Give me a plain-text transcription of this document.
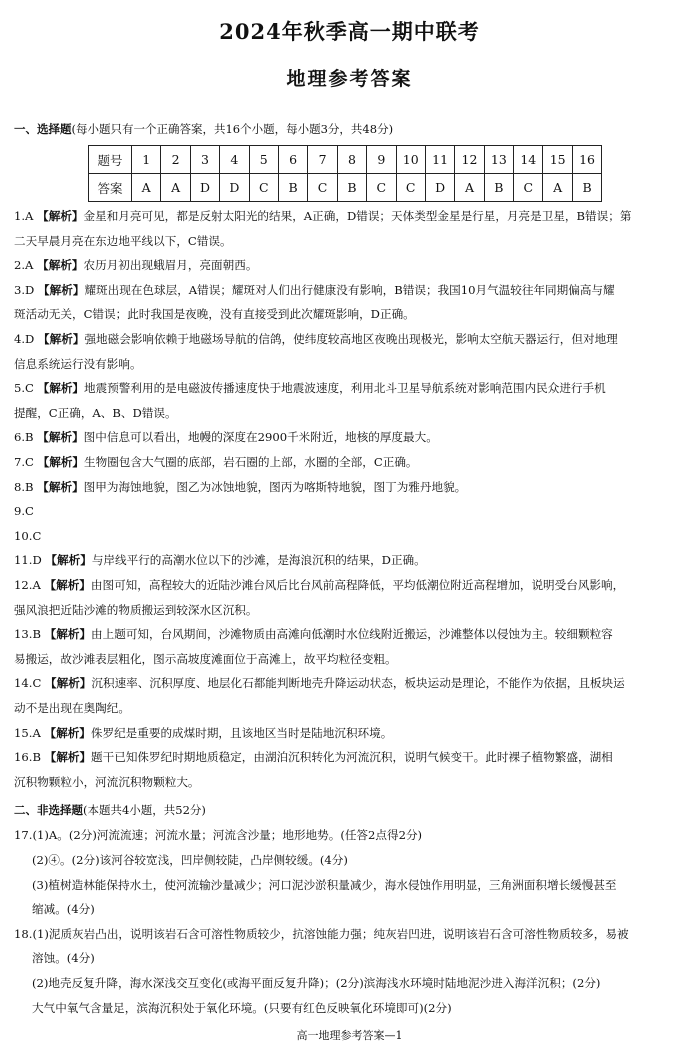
2024年秋季高一期中联考
地理参考答案
一、选择题(每小题只有一个正确答案，共16个小题，每小题3分，共48分)
题号	1	2	3	4	5	6	7	8	9	10	11	12	13	14	15	16
答案	A	A	D	D	C	B	C	B	C	C	D	A	B	C	A	B
1.A 【解析】金星和月亮可见，都是反射太阳光的结果，A正确，D错误；天体类型金星是行星，月亮是卫星，B错误；第
二天早晨月亮在东边地平线以下，C错误。
2.A 【解析】农历月初出现蛾眉月，亮面朝西。
3.D 【解析】耀斑出现在色球层，A错误；耀斑对人们出行健康没有影响，B错误；我国10月气温较往年同期偏高与耀
斑活动无关，C错误；此时我国是夜晚，没有直接受到此次耀斑影响，D正确。
4.D 【解析】强地磁会影响依赖于地磁场导航的信鸽，使纬度较高地区夜晚出现极光，影响太空航天器运行，但对地理
信息系统运行没有影响。
5.C 【解析】地震预警利用的是电磁波传播速度快于地震波速度，利用北斗卫星导航系统对影响范围内民众进行手机
提醒，C正确，A、B、D错误。
6.B 【解析】图中信息可以看出，地幔的深度在2900千米附近，地核的厚度最大。
7.C 【解析】生物圈包含大气圈的底部，岩石圈的上部，水圈的全部，C正确。
8.B 【解析】图甲为海蚀地貌，图乙为冰蚀地貌，图丙为喀斯特地貌，图丁为雅丹地貌。
9.C
10.C
11.D 【解析】与岸线平行的高潮水位以下的沙滩，是海浪沉积的结果，D正确。
12.A 【解析】由图可知，高程较大的近陆沙滩台风后比台风前高程降低，平均低潮位附近高程增加，说明受台风影响，
强风浪把近陆沙滩的物质搬运到较深水区沉积。
13.B 【解析】由上题可知，台风期间，沙滩物质由高滩向低潮时水位线附近搬运，沙滩整体以侵蚀为主。较细颗粒容
易搬运，故沙滩表层粗化，图示高坡度滩面位于高滩上，故平均粒径变粗。
14.C 【解析】沉积速率、沉积厚度、地层化石都能判断地壳升降运动状态，板块运动是理论，不能作为依据，且板块运
动不是出现在奥陶纪。
15.A 【解析】侏罗纪是重要的成煤时期，且该地区当时是陆地沉积环境。
16.B 【解析】题干已知侏罗纪时期地质稳定，由湖泊沉积转化为河流沉积，说明气候变干。此时裸子植物繁盛，湖相
沉积物颗粒小，河流沉积物颗粒大。
二、非选择题(本题共4小题，共52分)
17.(1)A。(2分)河流流速；河流水量；河流含沙量；地形地势。(任答2点得2分)
(2)④。(2分)该河谷较宽浅，凹岸侧较陡，凸岸侧较缓。(4分)
(3)植树造林能保持水土，使河流输沙量减少；河口泥沙淤积量减少，海水侵蚀作用明显，三角洲面积增长缓慢甚至
缩减。(4分)
18.(1)泥质灰岩凸出，说明该岩石含可溶性物质较少，抗溶蚀能力强；纯灰岩凹进，说明该岩石含可溶性物质较多，易被
溶蚀。(4分)
(2)地壳反复升降，海水深浅交互变化(或海平面反复升降)；(2分)滨海浅水环境时陆地泥沙进入海洋沉积；(2分)
大气中氧气含量足，滨海沉积处于氧化环境。(只要有红色反映氧化环境即可)(2分)
高一地理参考答案—1
